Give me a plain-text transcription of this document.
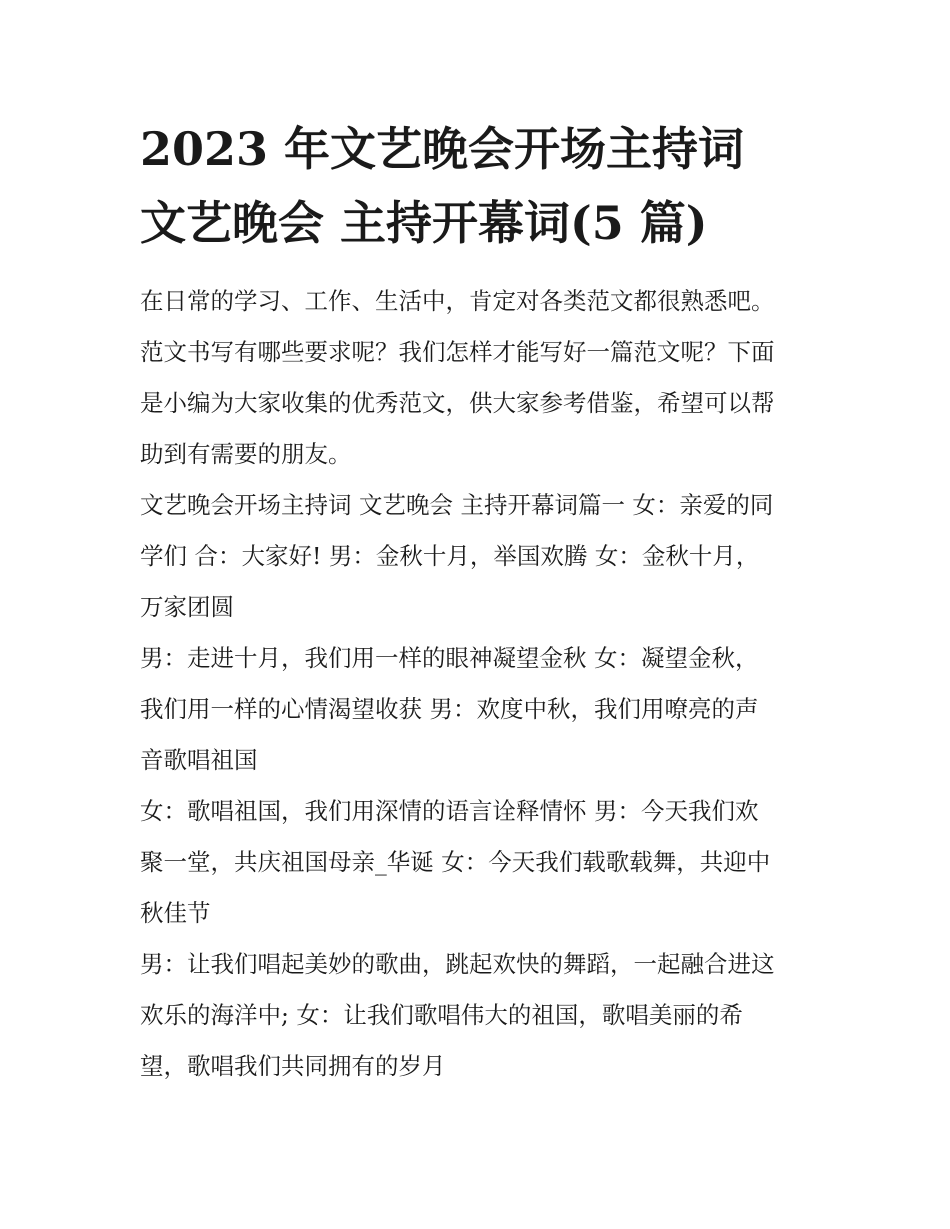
2023 年文艺晚会开场主持词
文艺晚会 主持开幕词(5 篇)
在日常的学习、工作、生活中，肯定对各类范文都很熟悉吧。
范文书写有哪些要求呢？我们怎样才能写好一篇范文呢？下面
是小编为大家收集的优秀范文，供大家参考借鉴，希望可以帮
助到有需要的朋友。
文艺晚会开场主持词 文艺晚会 主持开幕词篇一 女：亲爱的同
学们 合：大家好! 男：金秋十月，举国欢腾 女：金秋十月，
万家团圆
男：走进十月，我们用一样的眼神凝望金秋 女：凝望金秋，
我们用一样的心情渴望收获 男：欢度中秋，我们用嘹亮的声
音歌唱祖国
女：歌唱祖国，我们用深情的语言诠释情怀 男：今天我们欢
聚一堂，共庆祖国母亲_华诞 女：今天我们载歌载舞，共迎中
秋佳节
男：让我们唱起美妙的歌曲，跳起欢快的舞蹈，一起融合进这
欢乐的海洋中; 女：让我们歌唱伟大的祖国，歌唱美丽的希
望，歌唱我们共同拥有的岁月
